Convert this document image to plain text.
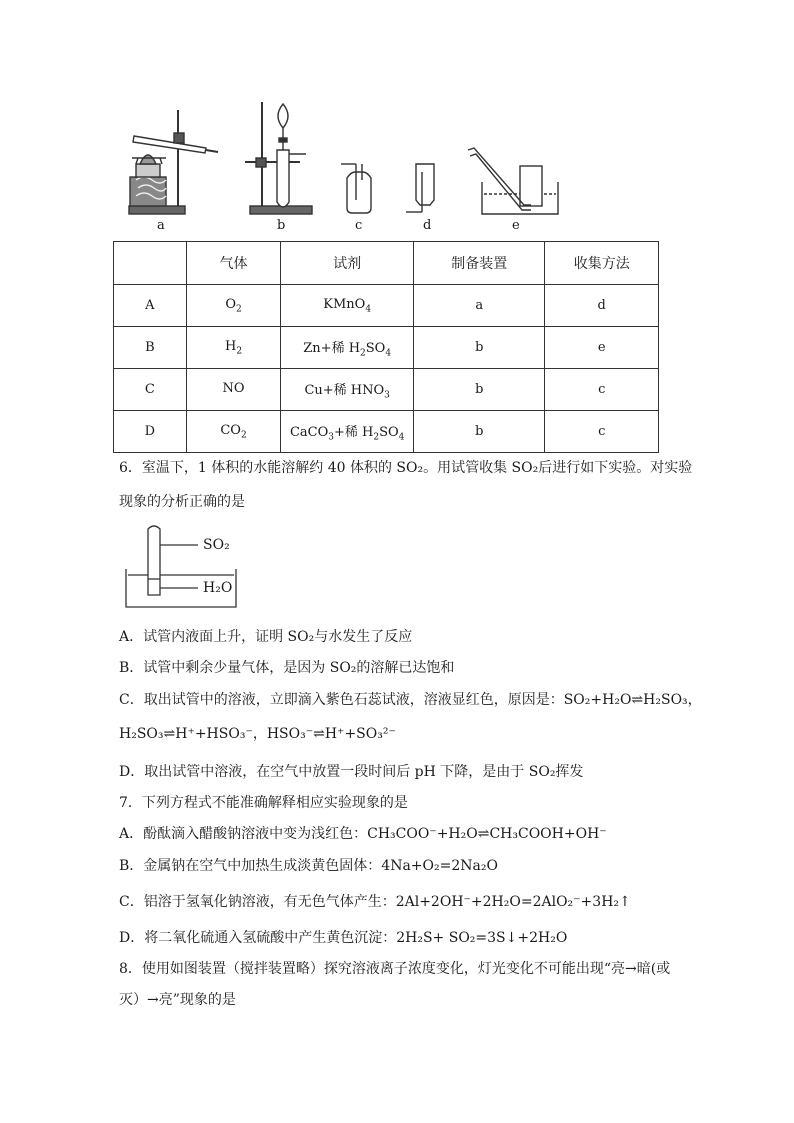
a	b	c	d	e
	气体	试剂	制备装置	收集方法
A	$O_2$	KMnO$_4$	a	d
B	$H_2$	Zn+稀 $H_2SO_4$	b	e
C	NO	Cu+稀 $HNO_3$	b	c
D	$CO_2$	CaCO$_3$+稀 $H_2SO_4$	b	c
6．室温下，1 体积的水能溶解约 40 体积的 SO₂。用试管收集 SO₂后进行如下实验。对实验
现象的分析正确的是
SO₂
H₂O
A．试管内液面上升，证明 SO₂与水发生了反应
B．试管中剩余少量气体，是因为 SO₂的溶解已达饱和
C．取出试管中的溶液，立即滴入紫色石蕊试液，溶液显红色，原因是：SO₂+H₂O⇌H₂SO₃，
H₂SO₃⇌H⁺+HSO₃⁻，HSO₃⁻⇌H⁺+SO₃²⁻
D．取出试管中溶液，在空气中放置一段时间后 pH 下降，是由于 SO₂挥发
7．下列方程式不能准确解释相应实验现象的是
A．酚酞滴入醋酸钠溶液中变为浅红色：CH₃COO⁻+H₂O⇌CH₃COOH+OH⁻
B．金属钠在空气中加热生成淡黄色固体：4Na+O₂=2Na₂O
C．铝溶于氢氧化钠溶液，有无色气体产生：2Al+2OH⁻+2H₂O=2AlO₂⁻+3H₂↑
D．将二氧化硫通入氢硫酸中产生黄色沉淀：2H₂S+ SO₂=3S↓+2H₂O
8．使用如图装置（搅拌装置略）探究溶液离子浓度变化，灯光变化不可能出现“亮→暗(或
灭）→亮”现象的是
